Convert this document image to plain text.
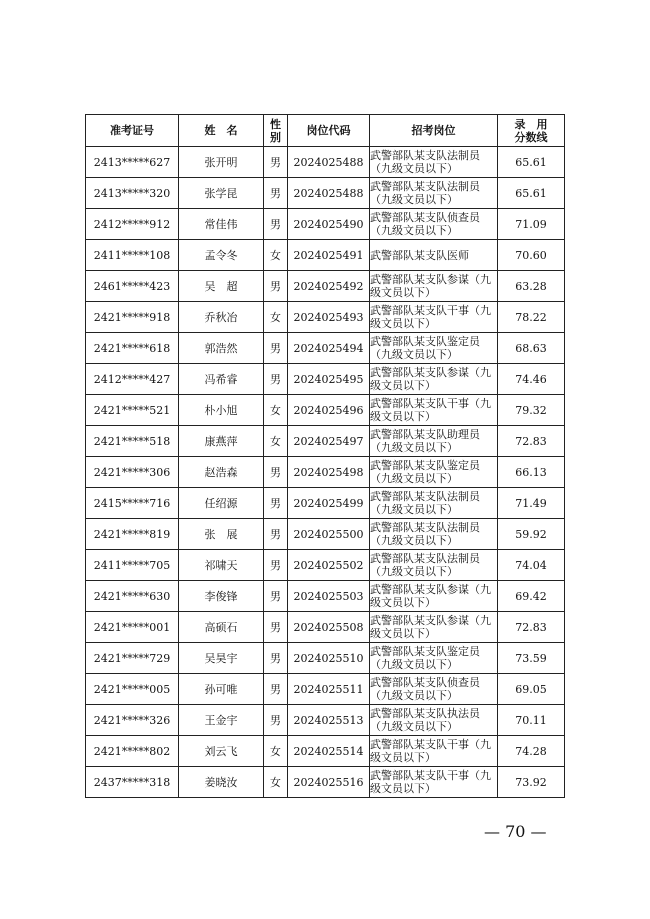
准考证号	姓　名	性别	岗位代码	招考岗位	录　用分数线
2413*****627	张开明	男	2024025488	武警部队某支队法制员（九级文员以下）	65.61
2413*****320	张学昆	男	2024025488	武警部队某支队法制员（九级文员以下）	65.61
2412*****912	常佳伟	男	2024025490	武警部队某支队侦查员（九级文员以下）	71.09
2411*****108	孟令冬	女	2024025491	武警部队某支队医师	70.60
2461*****423	吴　超	男	2024025492	武警部队某支队参谋（九级文员以下）	63.28
2421*****918	乔秋冶	女	2024025493	武警部队某支队干事（九级文员以下）	78.22
2421*****618	郭浩然	男	2024025494	武警部队某支队鉴定员（九级文员以下）	68.63
2412*****427	冯希睿	男	2024025495	武警部队某支队参谋（九级文员以下）	74.46
2421*****521	朴小旭	女	2024025496	武警部队某支队干事（九级文员以下）	79.32
2421*****518	康燕萍	女	2024025497	武警部队某支队助理员（九级文员以下）	72.83
2421*****306	赵浩森	男	2024025498	武警部队某支队鉴定员（九级文员以下）	66.13
2415*****716	任绍源	男	2024025499	武警部队某支队法制员（九级文员以下）	71.49
2421*****819	张　展	男	2024025500	武警部队某支队法制员（九级文员以下）	59.92
2411*****705	祁啸天	男	2024025502	武警部队某支队法制员（九级文员以下）	74.04
2421*****630	李俊锋	男	2024025503	武警部队某支队参谋（九级文员以下）	69.42
2421*****001	高硕石	男	2024025508	武警部队某支队参谋（九级文员以下）	72.83
2421*****729	吴昊宇	男	2024025510	武警部队某支队鉴定员（九级文员以下）	73.59
2421*****005	孙可唯	男	2024025511	武警部队某支队侦查员（九级文员以下）	69.05
2421*****326	王金宇	男	2024025513	武警部队某支队执法员（九级文员以下）	70.11
2421*****802	刘云飞	女	2024025514	武警部队某支队干事（九级文员以下）	74.28
2437*****318	姜晓汝	女	2024025516	武警部队某支队干事（九级文员以下）	73.92
— 70 —
